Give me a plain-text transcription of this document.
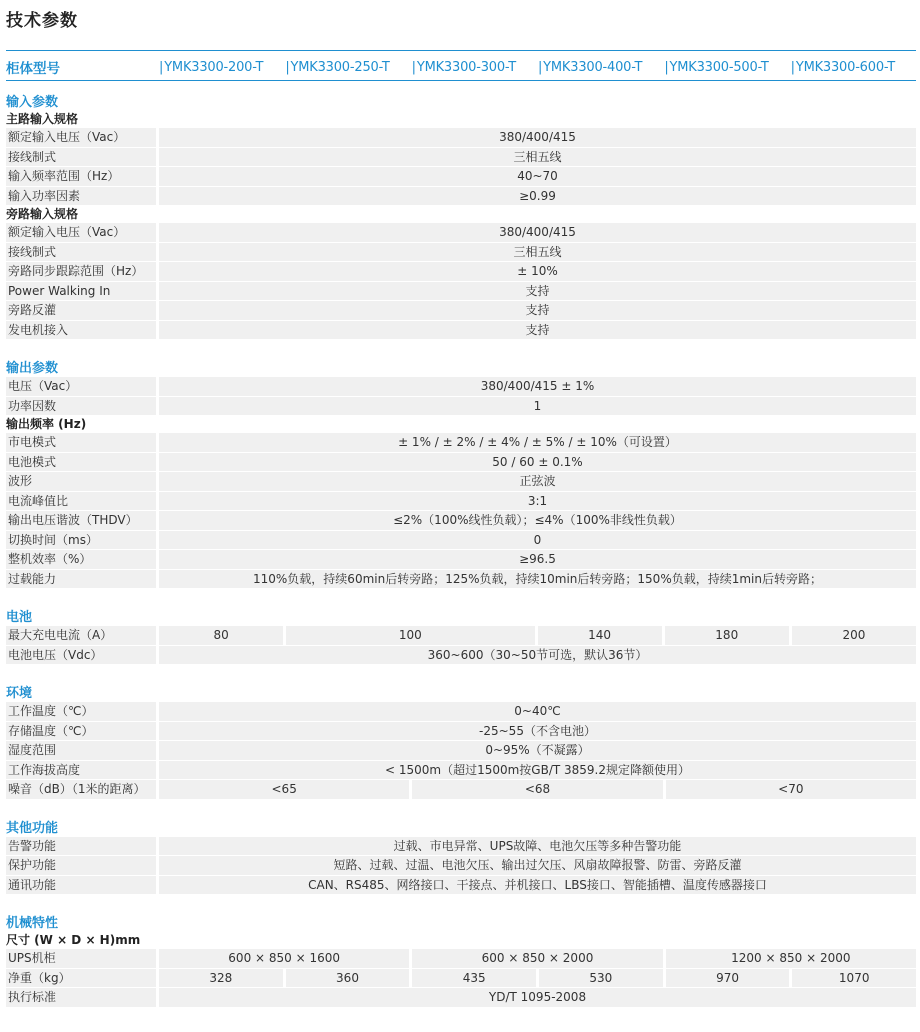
技术参数
柜体型号	| YMK3300-200-T	| YMK3300-250-T	| YMK3300-300-T	| YMK3300-400-T	| YMK3300-500-T	| YMK3300-600-T
输入参数
主路输入规格
额定输入电压（Vac）	380/400/415
接线制式	三相五线
输入频率范围（Hz）	40~70
输入功率因素	≥0.99
旁路输入规格
额定输入电压（Vac）	380/400/415
接线制式	三相五线
旁路同步跟踪范围（Hz）	± 10%
Power Walking In	支持
旁路反灌	支持
发电机接入	支持
输出参数
电压（Vac）	380/400/415 ± 1%
功率因数	1
输出频率 (Hz)
市电模式	± 1% / ± 2% / ± 4% / ± 5% / ± 10%（可设置）
电池模式	50 / 60 ± 0.1%
波形	正弦波
电流峰值比	3:1
输出电压谐波（THDV）	≤2%（100%线性负载）；≤4%（100%非线性负载）
切换时间（ms）	0
整机效率（%）	≥96.5
过载能力	110%负载，持续60min后转旁路；125%负载，持续10min后转旁路；150%负载，持续1min后转旁路；
电池
最大充电电流（A）	80	100	140	180	200
电池电压（Vdc）	360~600（30~50节可选，默认36节）
环境
工作温度（℃）	0~40℃
存储温度（℃）	-25~55（不含电池）
湿度范围	0~95%（不凝露）
工作海拔高度	< 1500m（超过1500m按GB/T 3859.2规定降额使用）
噪音（dB）（1米的距离）	<65	<68	<70
其他功能
告警功能	过载、市电异常、UPS故障、电池欠压等多种告警功能
保护功能	短路、过载、过温、电池欠压、输出过欠压、风扇故障报警、防雷、旁路反灌
通讯功能	CAN、RS485、网络接口、干接点、并机接口、LBS接口、智能插槽、温度传感器接口
机械特性
尺寸 (W × D × H)mm
UPS机柜	600 × 850 × 1600	600 × 850 × 2000	1200 × 850 × 2000
净重（kg）	328	360	435	530	970	1070
执行标准	YD/T 1095-2008
